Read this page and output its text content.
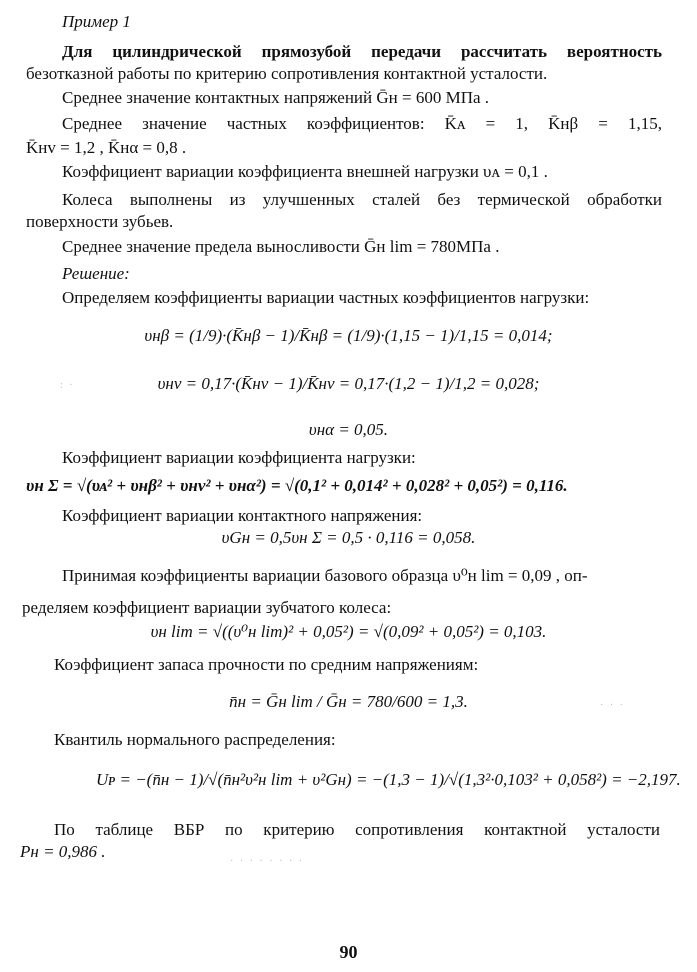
Пример 1
Для цилиндрической прямозубой передачи рассчитать вероятность
безотказной работы по критерию сопротивления контактной усталости.
Среднее значение контактных напряжений Ḡн = 600 МПа .
Среднее значение частных коэффициентов: K̄ᴀ = 1, K̄нβ = 1,15,
K̄нv = 1,2 , K̄нα = 0,8 .
Коэффициент вариации коэффициента внешней нагрузки υᴀ = 0,1 .
Колеса выполнены из улучшенных сталей без термической обработки
поверхности зубьев.
Среднее значение предела выносливости Ḡн lim = 780МПа .
Решение:
Определяем коэффициенты вариации частных коэффициентов нагрузки:
υнβ = (1/9)·(K̄нβ − 1)/K̄нβ = (1/9)·(1,15 − 1)/1,15 = 0,014;
υнv = 0,17·(K̄нv − 1)/K̄нv = 0,17·(1,2 − 1)/1,2 = 0,028;
υнα = 0,05.
Коэффициент вариации коэффициента нагрузки:
υн Σ = √(υᴀ² + υнβ² + υнv² + υнα²) = √(0,1² + 0,014² + 0,028² + 0,05²) = 0,116.
Коэффициент вариации контактного напряжения:
υGн = 0,5υн Σ = 0,5 · 0,116 = 0,058.
Принимая коэффициенты вариации базового образца υ⁰н lim = 0,09 , оп-
ределяем коэффициент вариации зубчатого колеса:
υн lim = √((υ⁰н lim)² + 0,05²) = √(0,09² + 0,05²) = 0,103.
Коэффициент запаса прочности по средним напряжениям:
n̄н = Ḡн lim / Ḡн = 780/600 = 1,3.
Квантиль нормального распределения:
Uᴘ = −(n̄н − 1)/√(n̄н²υ²н lim + υ²Gн) = −(1,3 − 1)/√(1,3²·0,103² + 0,058²) = −2,197.
По таблице ВБР по критерию сопротивления контактной усталости
Pн = 0,986 .
: ·
· · ·
· · · · · · · ·
90
